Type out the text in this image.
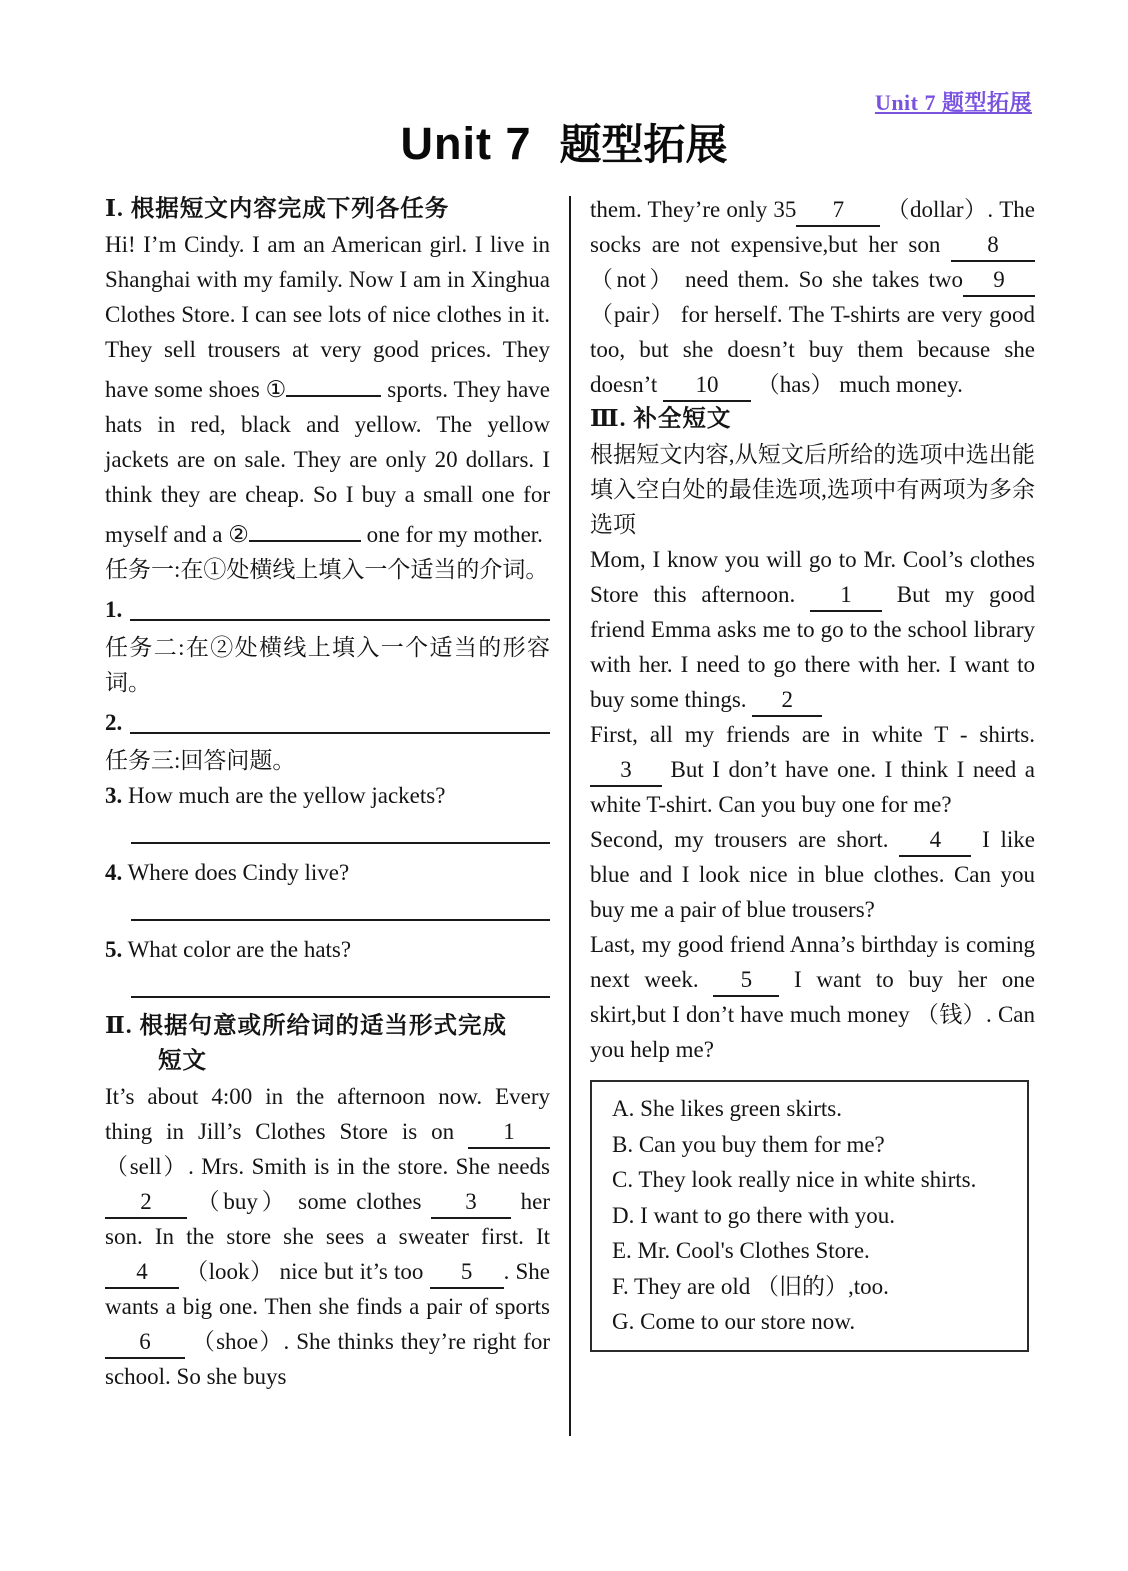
Unit 7 题型拓展
Unit 7 题型拓展
Ⅰ. 根据短文内容完成下列各任务

Hi! I’m Cindy. I am an American girl. I live in Shanghai with my family. Now I am in Xinghua Clothes Store. I can see lots of nice clothes in it. They sell trousers at very good prices. They have some shoes ①	sports. They have hats in red, black and yellow. The yellow jackets are on sale. They are only 20 dollars. I think they are cheap. So I buy a small one for myself and a ②	one for my mother.

任务一:在①处横线上填入一个适当的介词。
1.
任务二:在②处横线上填入一个适当的形容词。
2.
任务三:回答问题。
3. How much are the yellow jackets?
4. Where does Cindy live?
5. What color are the hats?
Ⅱ. 根据句意或所给词的适当形式完成
短文

It’s about 4:00 in the afternoon now. Every thing in Jill’s Clothes Store is on 1 （sell）. Mrs. Smith is in the store. She needs2 （buy） some clothes 3 her son. In the store she sees a sweater first. It 4 （look） nice but it’s too 5 . She wants a big one. Then she finds a pair of sports 6 （shoe）. She thinks they’re right for school. So she buys

them. They’re only 35 7 （dollar）. The socks are not expensive,but her son 8 （not） need them. So she takes two 9 （pair） for herself. The T-shirts are very good too, but she doesn’t buy them because she doesn’t 10 （has） much money.

Ⅲ. 补全短文
根据短文内容,从短文后所给的选项中选出能填入空白处的最佳选项,选项中有两项为多余选项

Mom, I know you will go to Mr. Cool’s clothes Store this afternoon. 1 But my good friend Emma asks me to go to the school library with her. I need to go there with her. I want to buy some things. 2

First, all my friends are in white T - shirts. 3 But I don’t have one. I think I need a white T-shirt. Can you buy one for me?

Second, my trousers are short. 4 I like blue and I look nice in blue clothes. Can you buy me a pair of blue trousers?

Last, my good friend Anna’s birthday is coming next week. 5 I want to buy her one skirt,but I don’t have much money （钱）. Can you help me?

A. She likes green skirts.
B. Can you buy them for me?
C. They look really nice in white shirts.
D. I want to go there with you.
E. Mr. Cool's Clothes Store.
F. They are old （旧的）,too.
G. Come to our store now.
